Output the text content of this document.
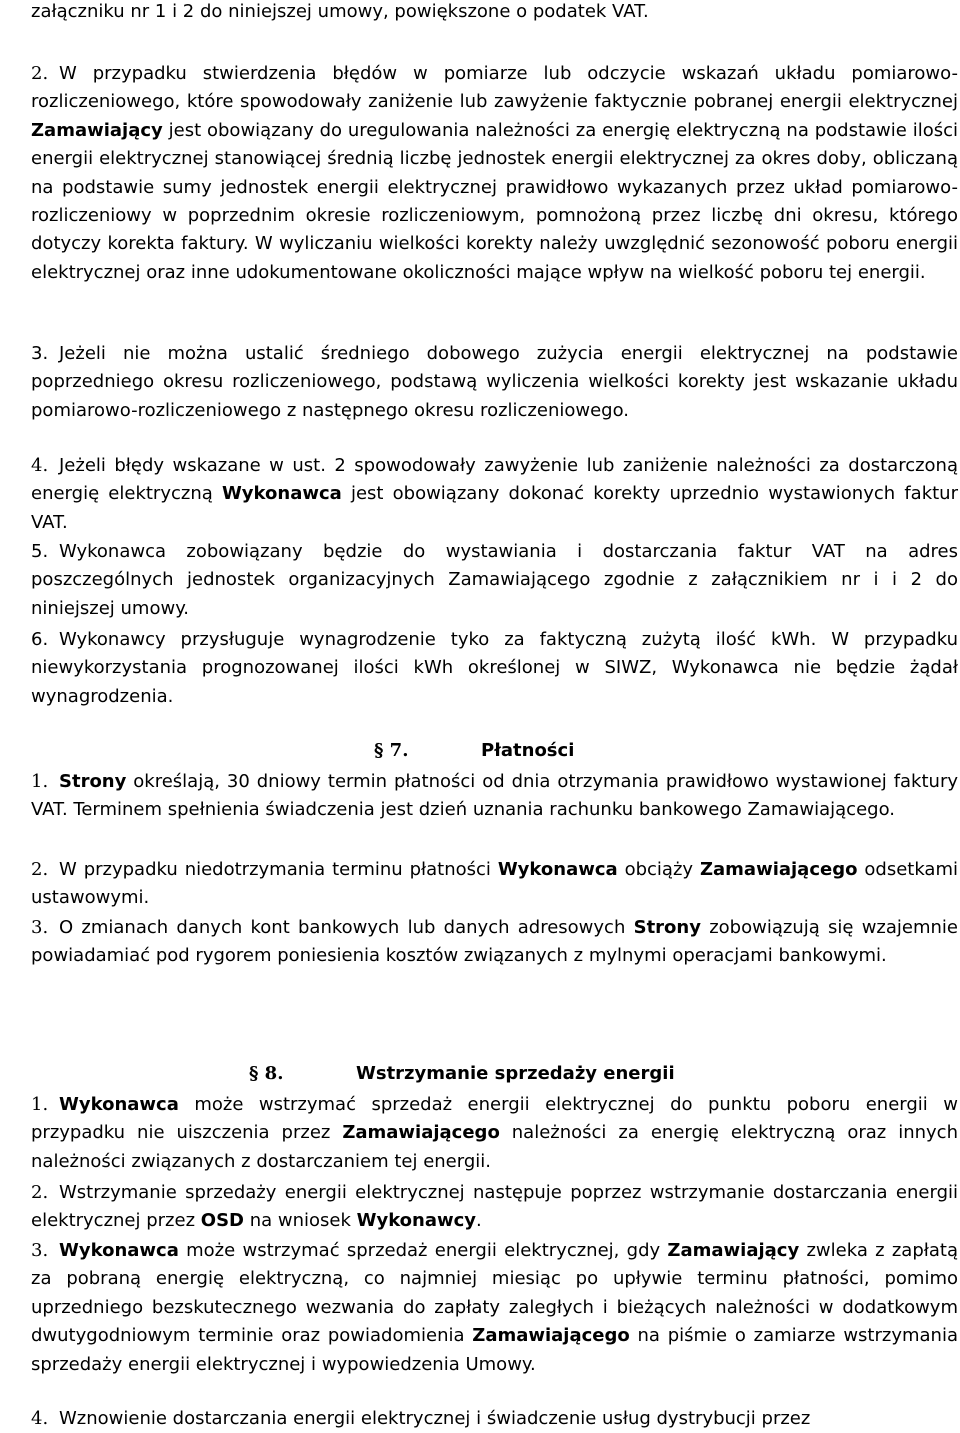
załączniku nr 1 i 2 do niniejszej umowy, powiększone o podatek VAT.

2. W przypadku stwierdzenia błędów w pomiarze lub odczycie wskazań układu pomiarowo-rozliczeniowego, które spowodowały zaniżenie lub zawyżenie faktycznie pobranej energii elektrycznej Zamawiający jest obowiązany do uregulowania należności za energię elektryczną na podstawie ilości energii elektrycznej stanowiącej średnią liczbę jednostek energii elektrycznej za okres doby, obliczaną na podstawie sumy jednostek energii elektrycznej prawidłowo wykazanych przez układ pomiarowo-rozliczeniowy w poprzednim okresie rozliczeniowym, pomnożoną przez liczbę dni okresu, którego dotyczy korekta faktury. W wyliczaniu wielkości korekty należy uwzględnić sezonowość poboru energii elektrycznej oraz inne udokumentowane okoliczności mające wpływ na wielkość poboru tej energii.

3. Jeżeli nie można ustalić średniego dobowego zużycia energii elektrycznej na podstawie poprzedniego okresu rozliczeniowego, podstawą wyliczenia wielkości korekty jest wskazanie układu pomiarowo-rozliczeniowego z następnego okresu rozliczeniowego.

4. Jeżeli błędy wskazane w ust. 2 spowodowały zawyżenie lub zaniżenie należności za dostarczoną energię elektryczną Wykonawca jest obowiązany dokonać korekty uprzednio wystawionych faktur VAT.

5. Wykonawca zobowiązany będzie do wystawiania i dostarczania faktur VAT na adres poszczególnych jednostek organizacyjnych Zamawiającego zgodnie z załącznikiem nr i i 2 do niniejszej umowy.

6. Wykonawcy przysługuje wynagrodzenie tyko za faktyczną zużytą ilość kWh. W przypadku niewykorzystania prognozowanej ilości kWh określonej w SIWZ, Wykonawca nie będzie żądał wynagrodzenia.

§ 7.	Płatności

1. Strony określają, 30 dniowy termin płatności od dnia otrzymania prawidłowo wystawionej faktury VAT. Terminem spełnienia świadczenia jest dzień uznania rachunku bankowego Zamawiającego.

2. W przypadku niedotrzymania terminu płatności Wykonawca obciąży Zamawiającego odsetkami ustawowymi.

3. O zmianach danych kont bankowych lub danych adresowych Strony zobowiązują się wzajemnie powiadamiać pod rygorem poniesienia kosztów związanych z mylnymi operacjami bankowymi.

§ 8.	Wstrzymanie sprzedaży energii

1. Wykonawca może wstrzymać sprzedaż energii elektrycznej do punktu poboru energii w przypadku nie uiszczenia przez Zamawiającego należności za energię elektryczną oraz innych należności związanych z dostarczaniem tej energii.

2. Wstrzymanie sprzedaży energii elektrycznej następuje poprzez wstrzymanie dostarczania energii elektrycznej przez OSD na wniosek Wykonawcy.

3. Wykonawca może wstrzymać sprzedaż energii elektrycznej, gdy Zamawiający zwleka z zapłatą za pobraną energię elektryczną, co najmniej miesiąc po upływie terminu płatności, pomimo uprzedniego bezskutecznego wezwania do zapłaty zaległych i bieżących należności w dodatkowym dwutygodniowym terminie oraz powiadomienia Zamawiającego na piśmie o zamiarze wstrzymania sprzedaży energii elektrycznej i wypowiedzenia Umowy.

4. Wznowienie dostarczania energii elektrycznej i świadczenie usług dystrybucji przez
